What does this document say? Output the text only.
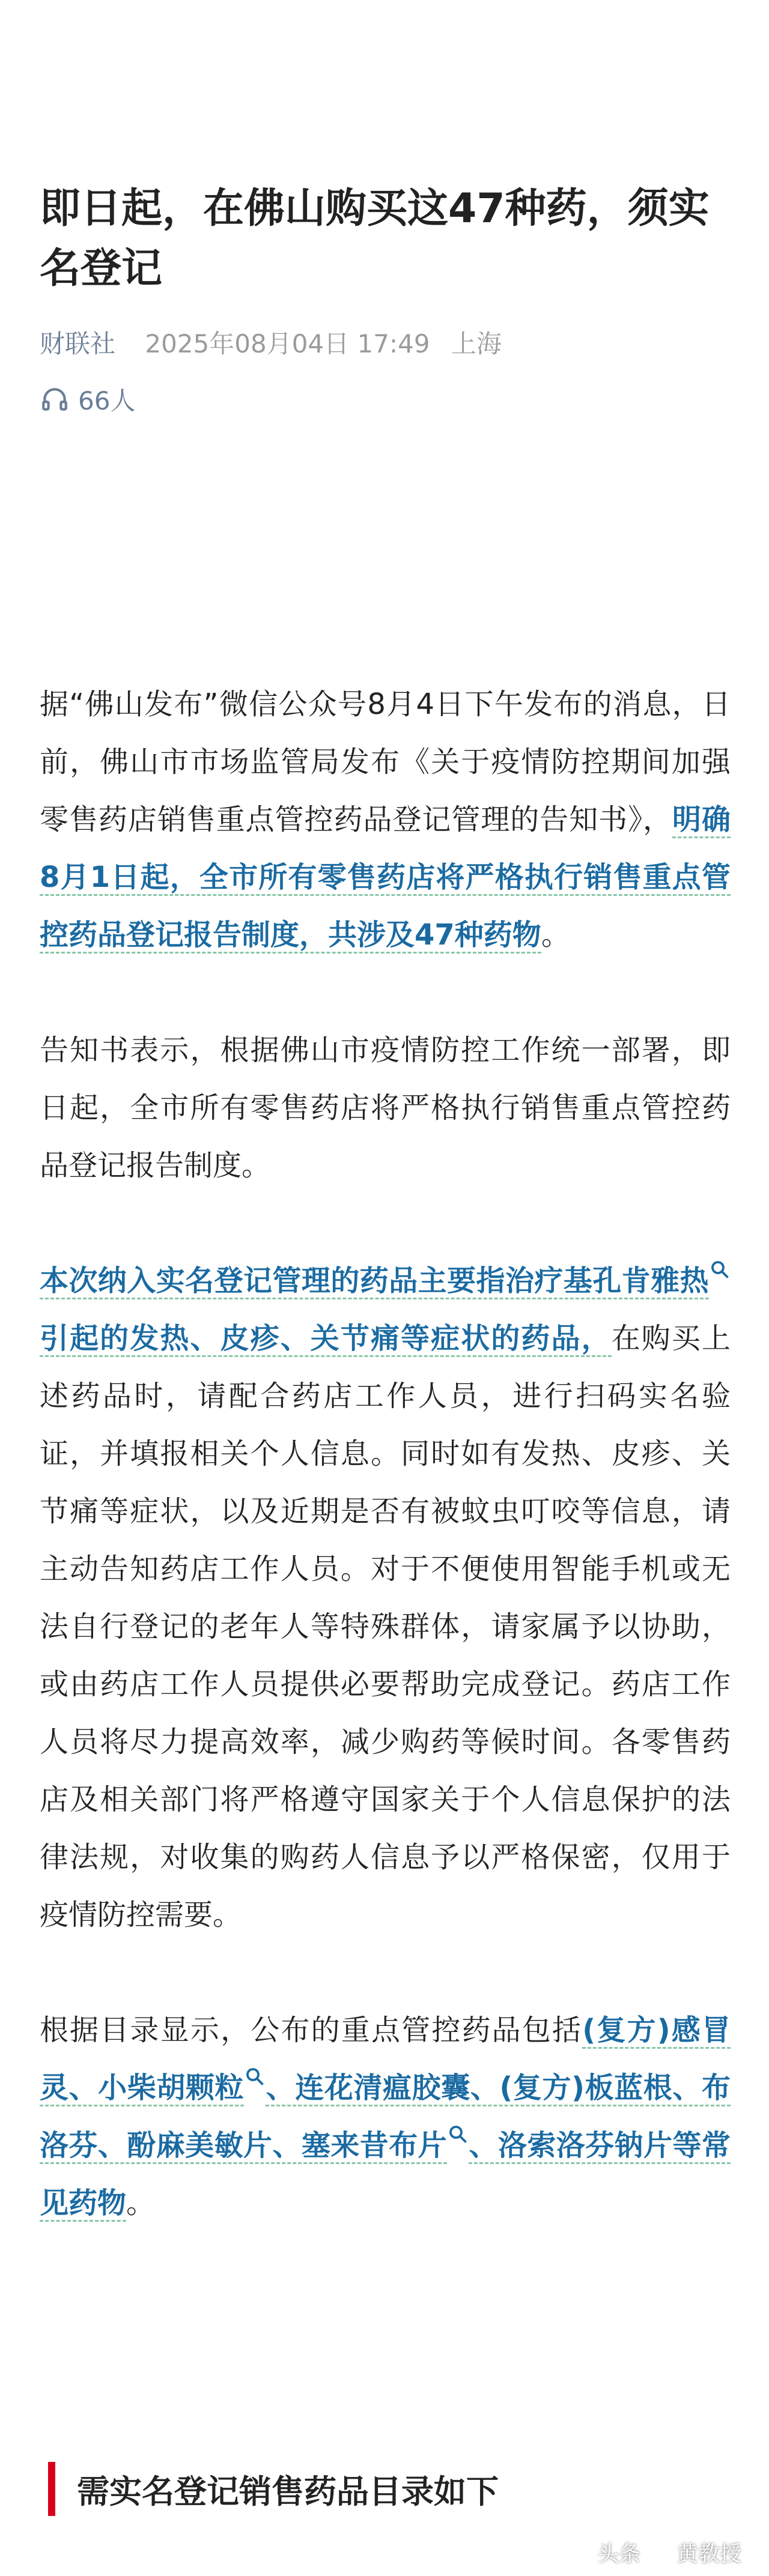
即日起，在佛山购买这47种药，须实名登记
财联社 2025年08月04日 17:49 上海
66人

据“佛山发布”微信公众号8月4日下午发布的消息，日前，佛山市市场监管局发布《关于疫情防控期间加强零售药店销售重点管控药品登记管理的告知书》，明确8月1日起，全市所有零售药店将严格执行销售重点管控药品登记报告制度，共涉及47种药物。

告知书表示，根据佛山市疫情防控工作统一部署，即日起，全市所有零售药店将严格执行销售重点管控药品登记报告制度。

本次纳入实名登记管理的药品主要指治疗基孔肯雅热引起的发热、皮疹、关节痛等症状的药品，在购买上述药品时，请配合药店工作人员，进行扫码实名验证，并填报相关个人信息。同时如有发热、皮疹、关节痛等症状，以及近期是否有被蚊虫叮咬等信息，请主动告知药店工作人员。对于不便使用智能手机或无法自行登记的老年人等特殊群体，请家属予以协助，或由药店工作人员提供必要帮助完成登记。药店工作人员将尽力提高效率，减少购药等候时间。各零售药店及相关部门将严格遵守国家关于个人信息保护的法律法规，对收集的购药人信息予以严格保密，仅用于疫情防控需要。

根据目录显示，公布的重点管控药品包括(复方)感冒灵、小柴胡颗粒 、连花清瘟胶囊、(复方)板蓝根、布洛芬、酚麻美敏片、塞来昔布片 、洛索洛芬钠片等常见药物。

需实名登记销售药品目录如下
头条 黄教授
